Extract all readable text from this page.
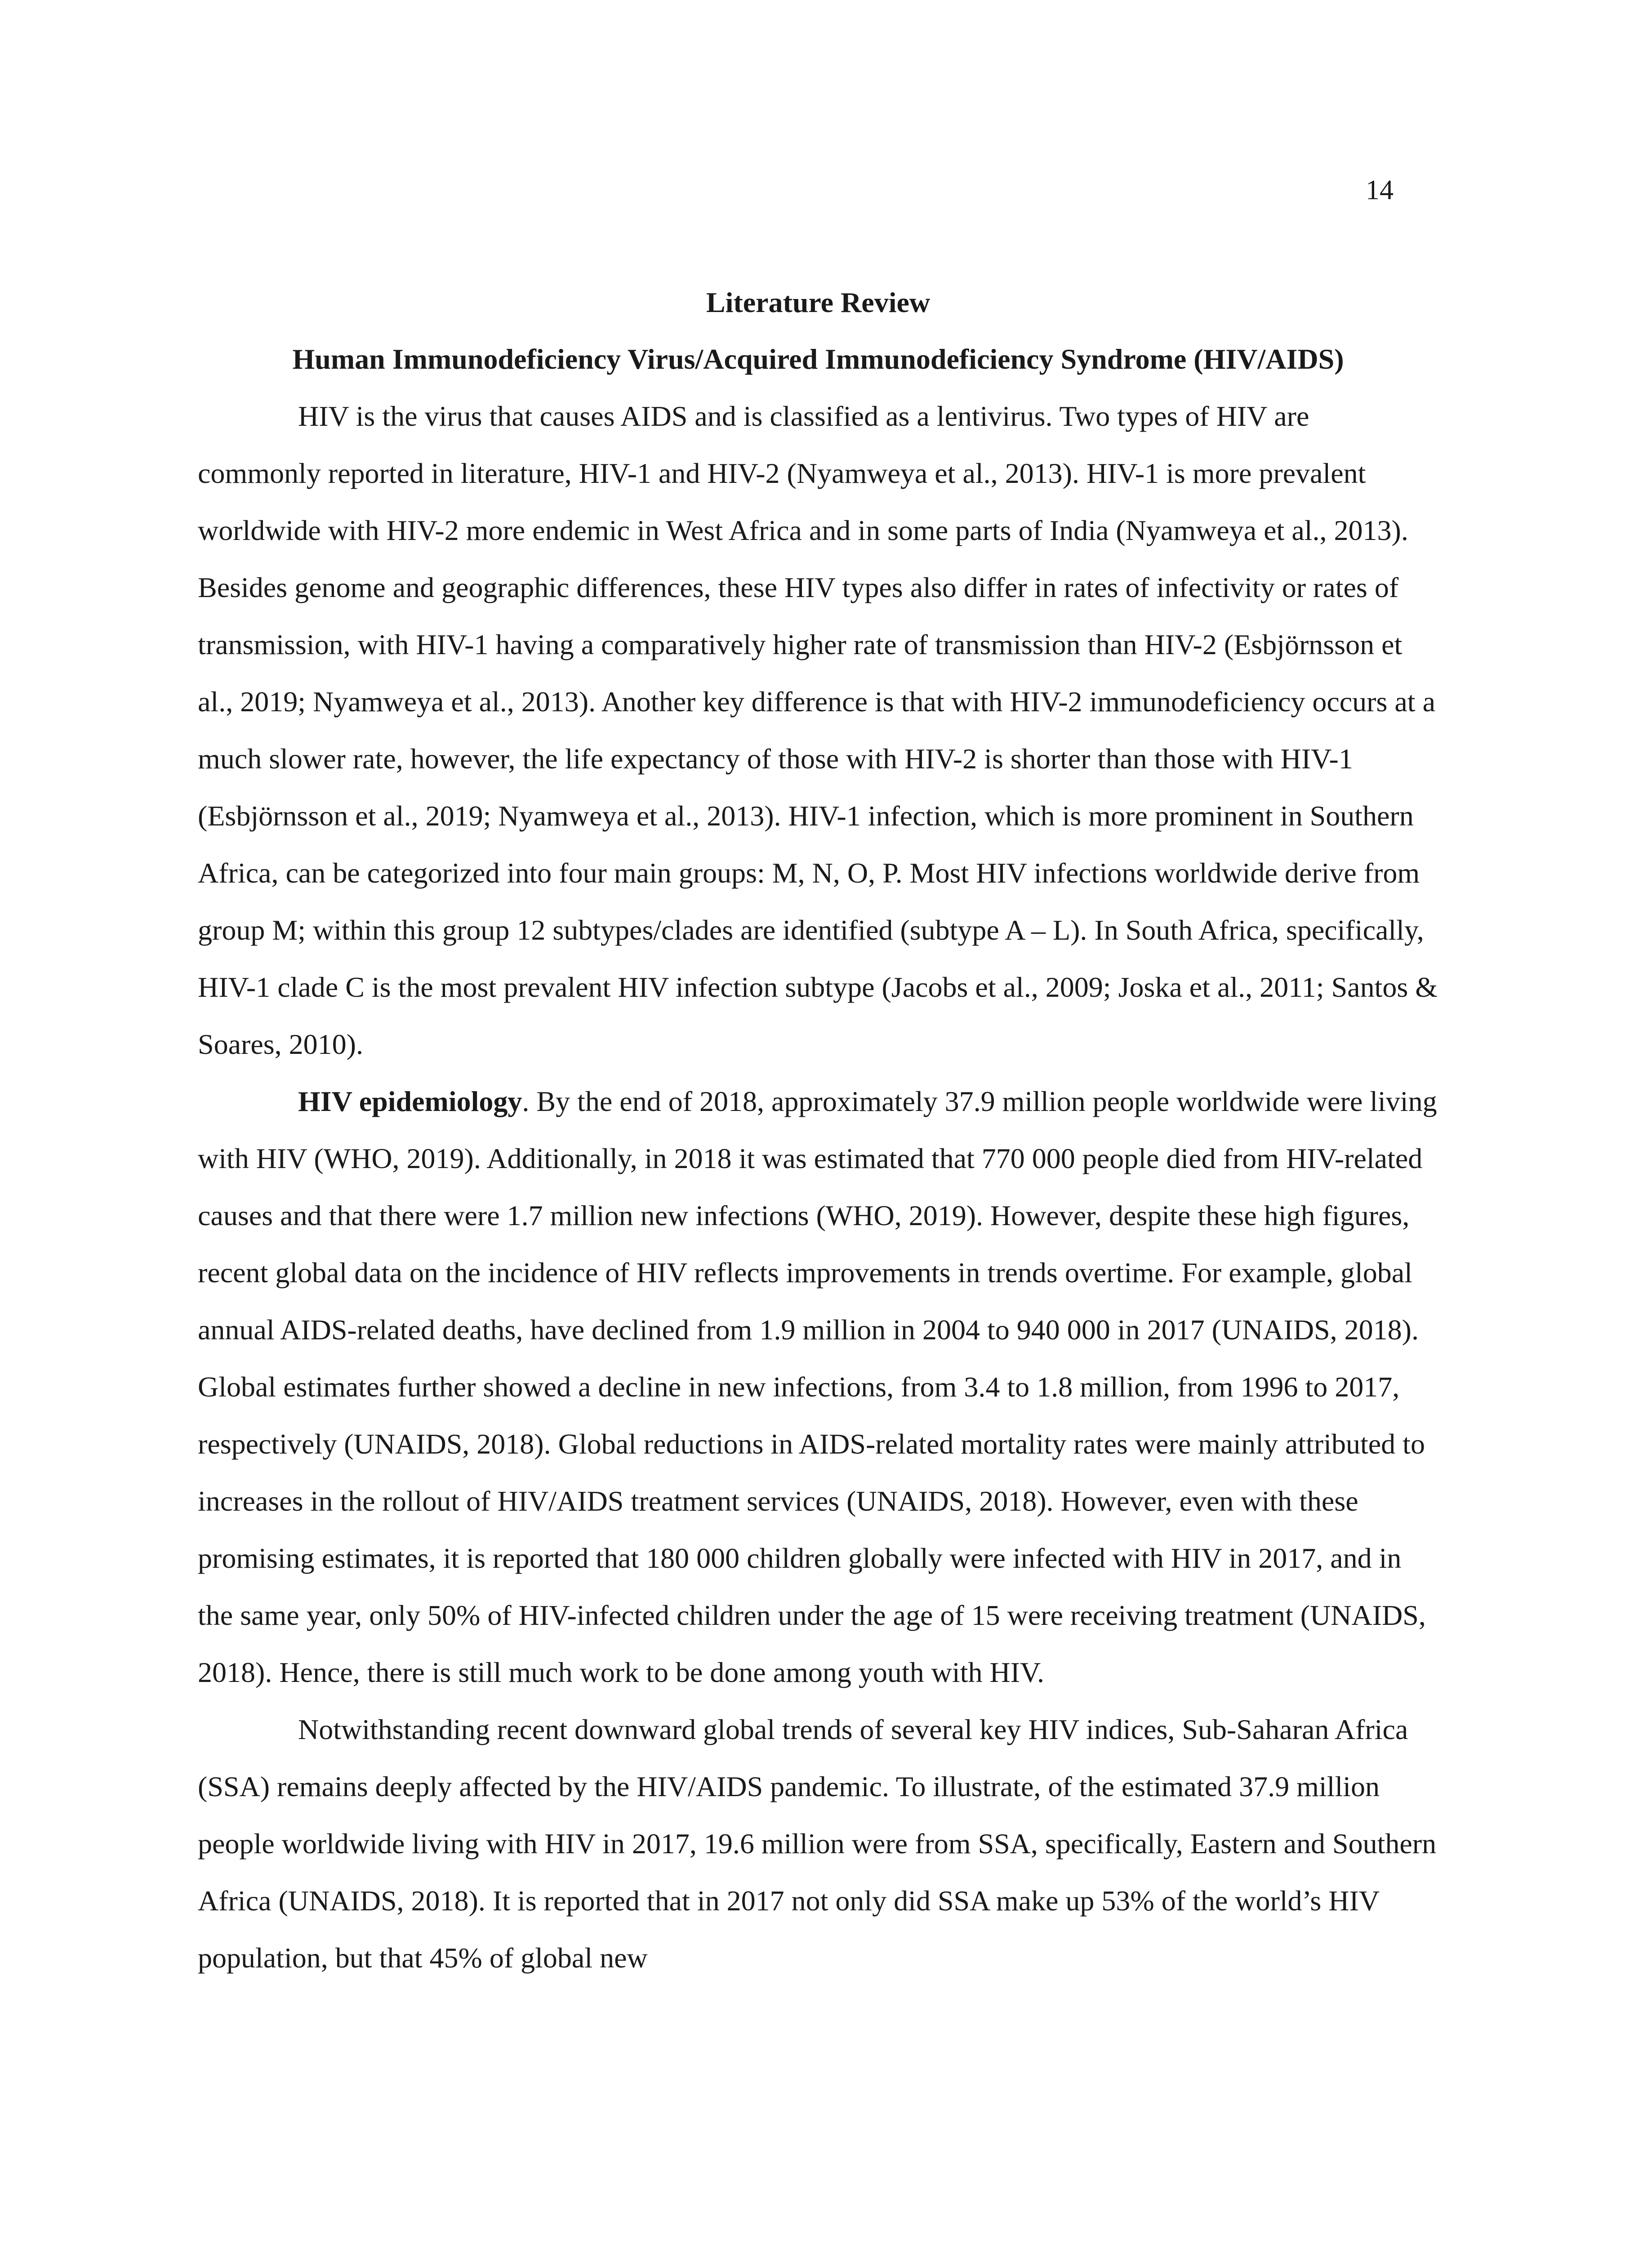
14
Literature Review
Human Immunodeficiency Virus/Acquired Immunodeficiency Syndrome (HIV/AIDS)

HIV is the virus that causes AIDS and is classified as a lentivirus. Two types of HIV are commonly reported in literature, HIV-1 and HIV-2 (Nyamweya et al., 2013). HIV-1 is more prevalent worldwide with HIV-2 more endemic in West Africa and in some parts of India (Nyamweya et al., 2013). Besides genome and geographic differences, these HIV types also differ in rates of infectivity or rates of transmission, with HIV-1 having a comparatively higher rate of transmission than HIV-2 (Esbjörnsson et al., 2019; Nyamweya et al., 2013). Another key difference is that with HIV-2 immunodeficiency occurs at a much slower rate, however, the life expectancy of those with HIV-2 is shorter than those with HIV-1 (Esbjörnsson et al., 2019; Nyamweya et al., 2013). HIV-1 infection, which is more prominent in Southern Africa, can be categorized into four main groups: M, N, O, P. Most HIV infections worldwide derive from group M; within this group 12 subtypes/clades are identified (subtype A – L). In South Africa, specifically, HIV-1 clade C is the most prevalent HIV infection subtype (Jacobs et al., 2009; Joska et al., 2011; Santos & Soares, 2010).

HIV epidemiology. By the end of 2018, approximately 37.9 million people worldwide were living with HIV (WHO, 2019). Additionally, in 2018 it was estimated that 770 000 people died from HIV-related causes and that there were 1.7 million new infections (WHO, 2019). However, despite these high figures, recent global data on the incidence of HIV reflects improvements in trends overtime. For example, global annual AIDS-related deaths, have declined from 1.9 million in 2004 to 940 000 in 2017 (UNAIDS, 2018). Global estimates further showed a decline in new infections, from 3.4 to 1.8 million, from 1996 to 2017, respectively (UNAIDS, 2018). Global reductions in AIDS-related mortality rates were mainly attributed to increases in the rollout of HIV/AIDS treatment services (UNAIDS, 2018). However, even with these promising estimates, it is reported that 180 000 children globally were infected with HIV in 2017, and in the same year, only 50% of HIV-infected children under the age of 15 were receiving treatment (UNAIDS, 2018). Hence, there is still much work to be done among youth with HIV.

Notwithstanding recent downward global trends of several key HIV indices, Sub-Saharan Africa (SSA) remains deeply affected by the HIV/AIDS pandemic. To illustrate, of the estimated 37.9 million people worldwide living with HIV in 2017, 19.6 million were from SSA, specifically, Eastern and Southern Africa (UNAIDS, 2018). It is reported that in 2017 not only did SSA make up 53% of the world’s HIV population, but that 45% of global new
